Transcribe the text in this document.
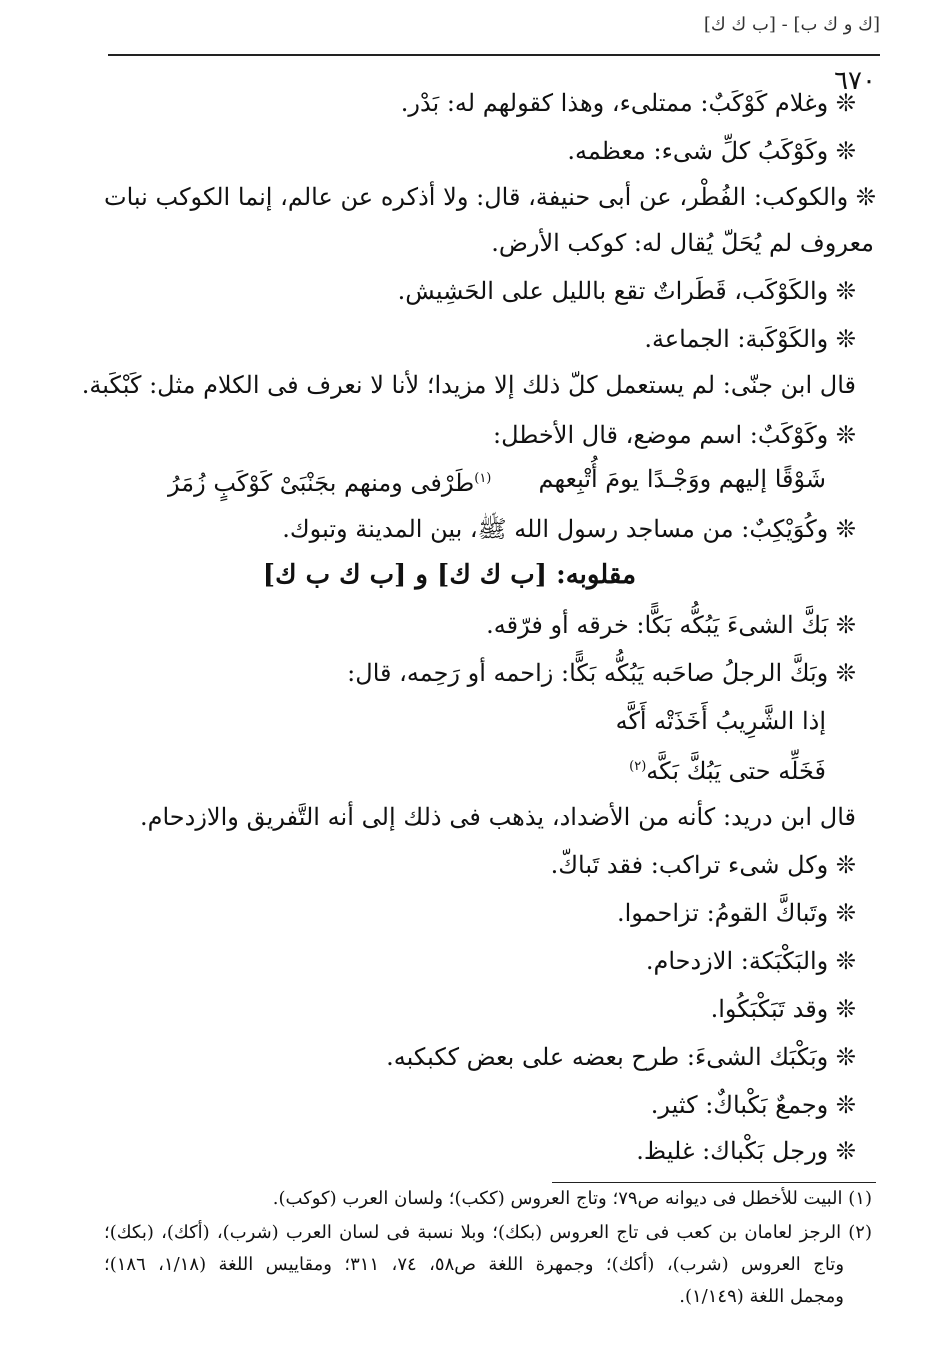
[ك و ك ب] - [ب ك ك]
٦٧٠
❊ وغلام كَوْكَبٌ: ممتلىء، وهذا كقولهم له: بَدْر.
❊ وكَوْكَبُ كلِّ شىء: معظمه.
❊ والكوكب: الفُطْر، عن أبى حنيفة، قال: ولا أذكره عن عالم، إنما الكوكب نبات
معروف لم يُحَلّ يُقال له: كوكب الأرض.
❊ والكَوْكَب، قَطَراتٌ تقع بالليل على الحَشِيش.
❊ والكَوْكَبة: الجماعة.
قال ابن جنّى: لم يستعمل كلّ ذلك إلا مزيدا؛ لأنا لا نعرف فى الكلام مثل: كَبْكَبة.
❊ وكَوْكَبٌ: اسم موضع، قال الأخطل:
شَوْقًا إليهم ووَجْـدًا يومَ أُتْبِعهم
$^{(١)}$طَرْفى ومنهم بجَنْبَىْ كَوْكَبٍ زُمَرُ
❊ وكُوَيْكِبٌ: من مساجد رسول الله ﷺ، بين المدينة وتبوك.
مقلوبه: [ب ك ك] و [ب ك ب ك]
❊ بَكَّ الشىءَ يَبُكُّه بَكًّا: خرقه أو فرّقه.
❊ وبَكَّ الرجلُ صاحَبه يَبُكُّه بَكًّا: زاحمه أو رَحِمه، قال:
إذا الشَّرِيبُ أَخَذَتْه أَكَّه
فَخَلِّه حتى يَبُكَّ بَكَّه$^{(٢)}$
قال ابن دريد: كأنه من الأضداد، يذهب فى ذلك إلى أنه التَّفريق والازدحام.
❊ وكل شىء تراكب: فقد تَباكّ.
❊ وتَباكَّ القومُ: تزاحموا.
❊ والبَكْبَكة: الازدحام.
❊ وقد تَبَكْبَكُوا.
❊ وبَكْبَك الشىءَ: طرح بعضه على بعض ككبكبه.
❊ وجمعٌ بَكْباكٌ: كثير.
❊ ورجل بَكْباك: غليظ.
(١) البيت للأخطل فى ديوانه ص٧٩؛ وتاج العروس (ككب)؛ ولسان العرب (كوكب).
(٢) الرجز لعامان بن كعب فى تاج العروس (بكك)؛ وبلا نسبة فى لسان العرب (شرب)، (أكك)، (بكك)؛
وتاج العروس (شرب)، (أكك)؛ وجمهرة اللغة ص٥٨، ٧٤، ٣١١؛ ومقاييس اللغة (١/١٨، ١٨٦)؛
ومجمل اللغة (١/١٤٩).
